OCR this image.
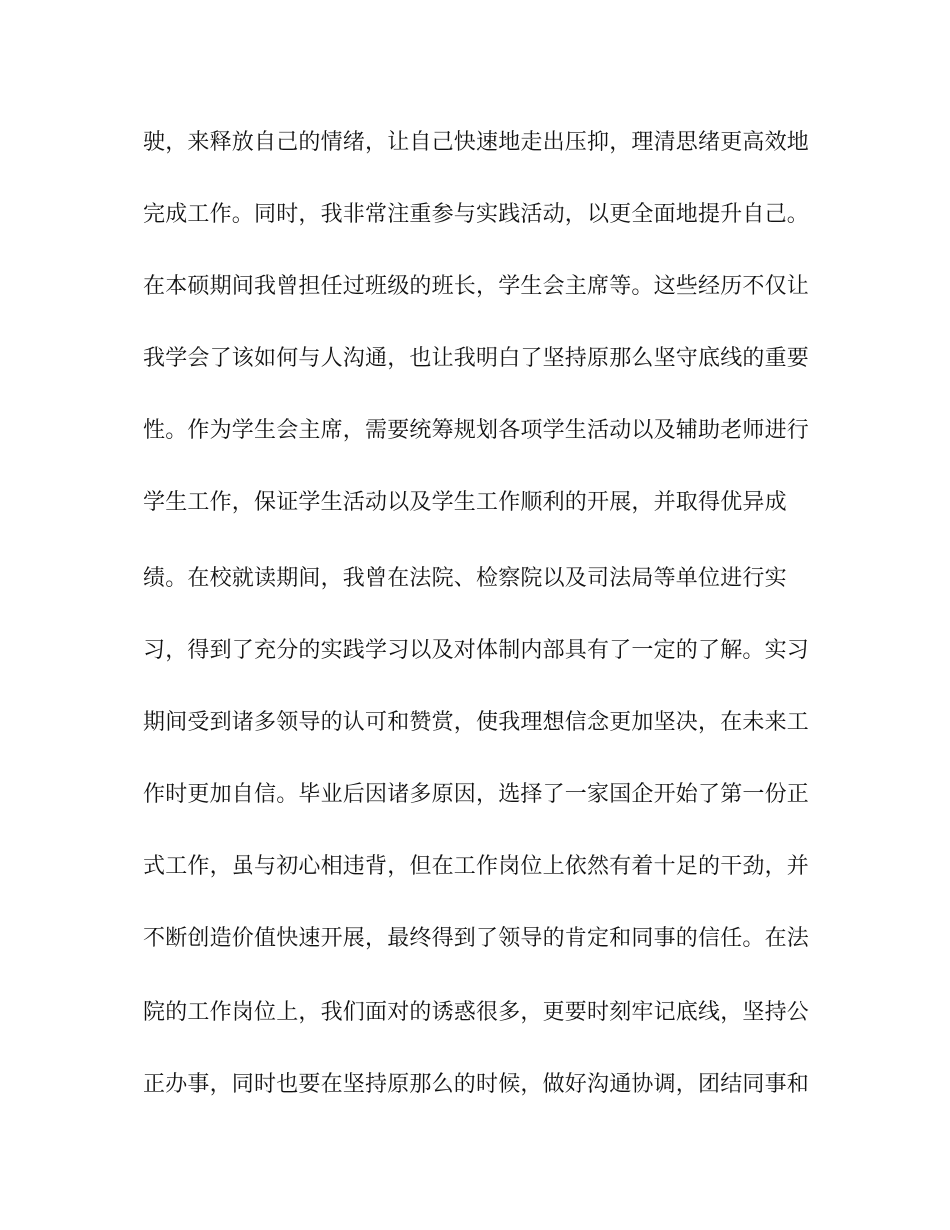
驶，来释放自己的情绪，让自己快速地走出压抑，理清思绪更高效地
完成工作。同时，我非常注重参与实践活动，以更全面地提升自己。
在本硕期间我曾担任过班级的班长，学生会主席等。这些经历不仅让
我学会了该如何与人沟通，也让我明白了坚持原那么坚守底线的重要
性。作为学生会主席，需要统筹规划各项学生活动以及辅助老师进行
学生工作，保证学生活动以及学生工作顺利的开展，并取得优异成
绩。在校就读期间，我曾在法院、检察院以及司法局等单位进行实
习，得到了充分的实践学习以及对体制内部具有了一定的了解。实习
期间受到诸多领导的认可和赞赏，使我理想信念更加坚决，在未来工
作时更加自信。毕业后因诸多原因，选择了一家国企开始了第一份正
式工作，虽与初心相违背，但在工作岗位上依然有着十足的干劲，并
不断创造价值快速开展，最终得到了领导的肯定和同事的信任。在法
院的工作岗位上，我们面对的诱惑很多，更要时刻牢记底线，坚持公
正办事，同时也要在坚持原那么的时候，做好沟通协调，团结同事和
